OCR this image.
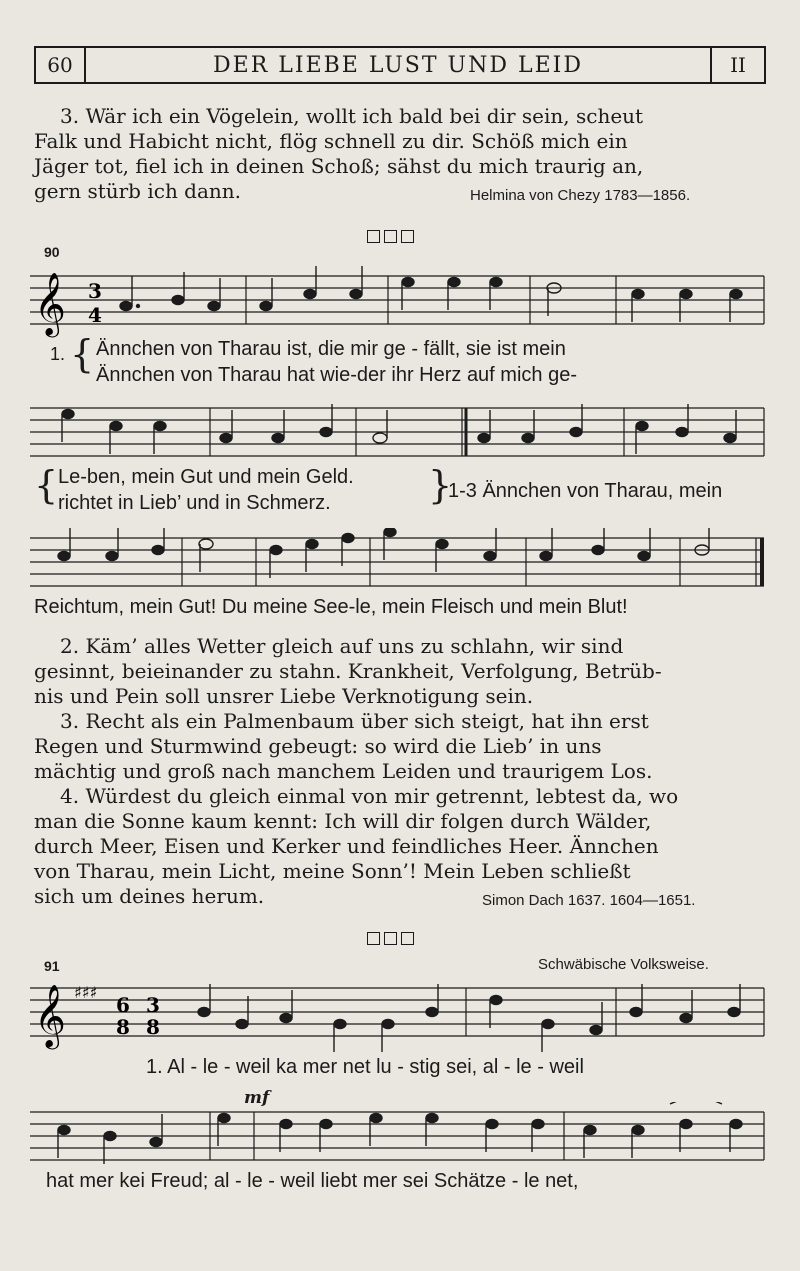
60	DER LIEBE LUST UND LEID	II
3. Wär ich ein Vögelein, wollt ich bald bei dir sein, scheut
Falk und Habicht nicht, flög schnell zu dir. Schöß mich ein
Jäger tot, fiel ich in deinen Schoß; sähst du mich traurig an,
gern stürb ich dann.	Helmina von Chezy 1783—1856.
90
𝄞 3
4
1. { Ännchen von Tharau ist, die mir ge - fällt, sie ist mein
Ännchen von Tharau hat wie-der ihr Herz auf mich ge-
{ Le-ben, mein Gut und mein Geld.
richtet in Lieb’ und in Schmerz.	}
1-3 Ännchen von Tharau, mein
Reichtum, mein Gut! Du meine See-le, mein Fleisch und mein Blut!
2. Käm’ alles Wetter gleich auf uns zu schlahn, wir sind
gesinnt, beieinander zu stahn. Krankheit, Verfolgung, Betrüb-
nis und Pein soll unsrer Liebe Verknotigung sein.
3. Recht als ein Palmenbaum über sich steigt, hat ihn erst
Regen und Sturmwind gebeugt: so wird die Lieb’ in uns
mächtig und groß nach manchem Leiden und traurigem Los.
4. Würdest du gleich einmal von mir getrennt, lebtest da, wo
man die Sonne kaum kennt: Ich will dir folgen durch Wälder,
durch Meer, Eisen und Kerker und feindliches Heer. Ännchen
von Tharau, mein Licht, meine Sonn’! Mein Leben schließt
sich um deines herum.	Simon Dach 1637. 1604—1651.
91	Schwäbische Volksweise.
𝄞 ♯♯♯
6
8
3
8
1. Al - le - weil ka mer net lu - stig sei, al - le - weil
mf
hat mer kei Freud; al - le - weil liebt mer sei Schätze - le net,
